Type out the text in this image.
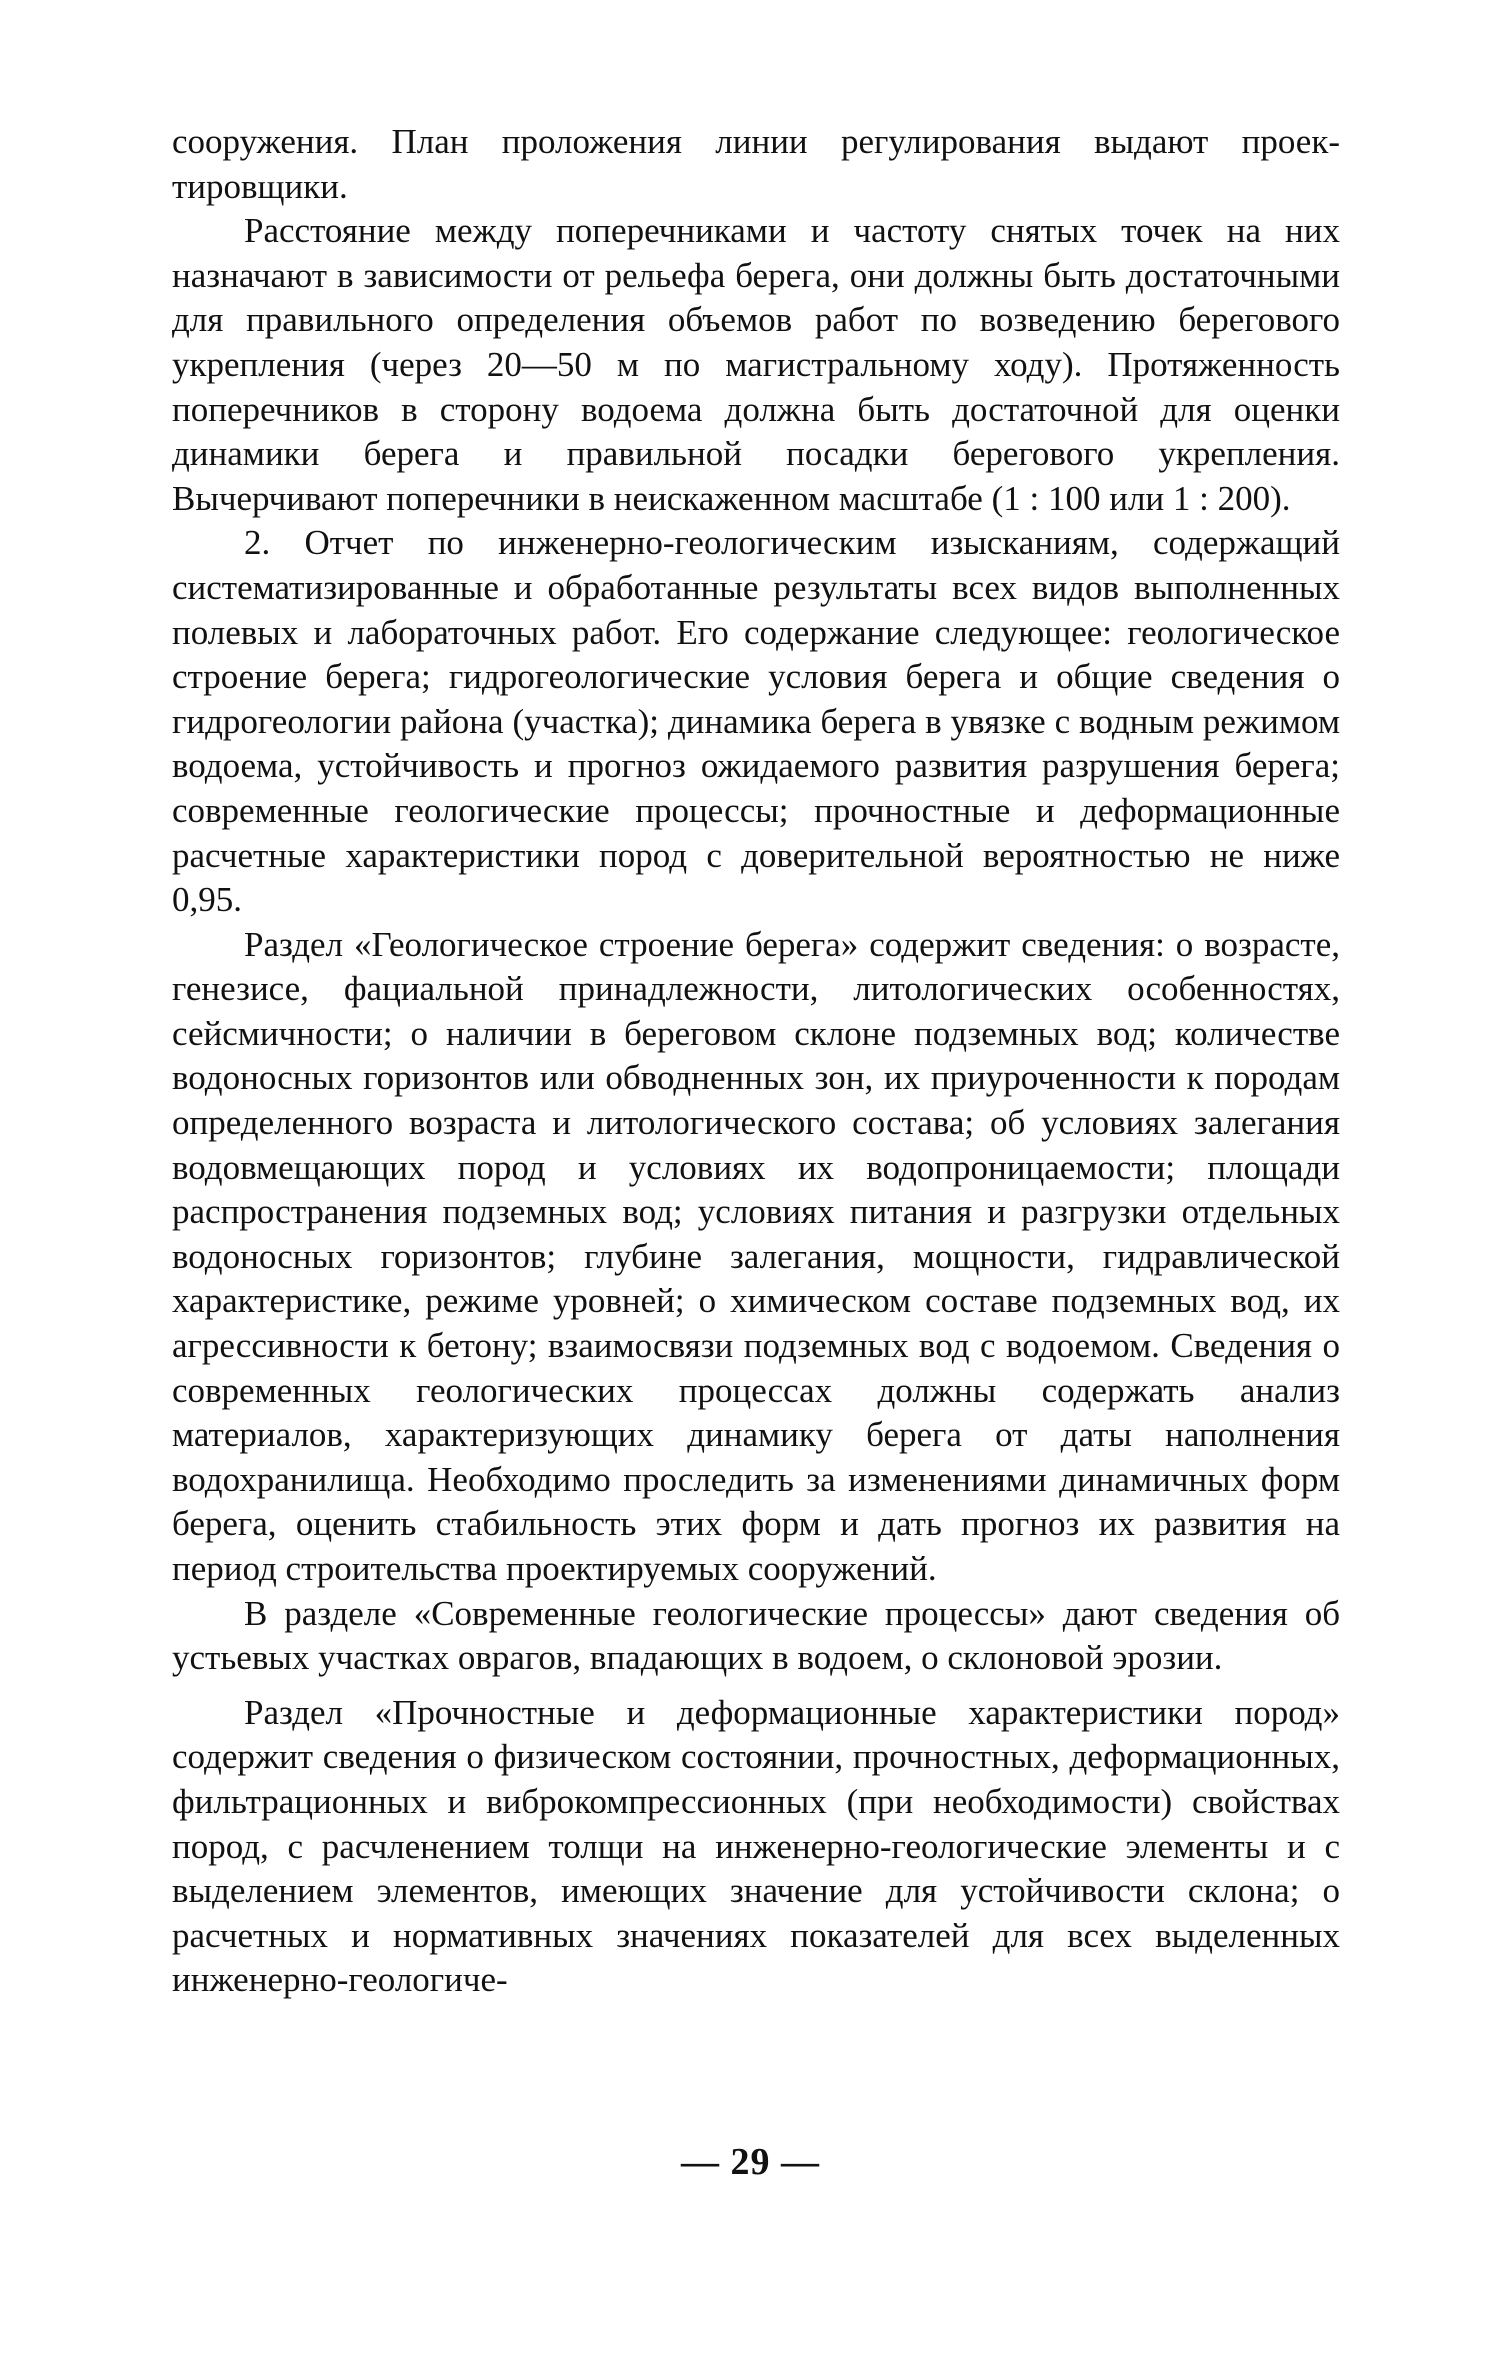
сооружения. План проложения линии регулирования выдают проектировщики.

Расстояние между поперечниками и частоту снятых точек на них назначают в зависимости от рельефа берега, они должны быть достаточными для правильного определения объемов работ по возведению берегового укрепления (через 20—50 м по магистральному ходу). Протяженность поперечников в сторону водоема должна быть достаточной для оценки динамики берега и правильной посадки берегового укрепления. Вычерчивают поперечники в неискаженном масштабе (1 : 100 или 1 : 200).

2. Отчет по инженерно-геологическим изысканиям, содержащий систематизированные и обработанные результаты всех видов выполненных полевых и лабораточных работ. Его содержание следующее: геологическое строение берега; гидрогеологические условия берега и общие сведения о гидрогеологии района (участка); динамика берега в увязке с водным режимом водоема, устойчивость и прогноз ожидаемого развития разрушения берега; современные геологические процессы; прочностные и деформационные расчетные характеристики пород с доверительной вероятностью не ниже 0,95.

Раздел «Геологическое строение берега» содержит сведения: о возрасте, генезисе, фациальной принадлежности, литологических особенностях, сейсмичности; о наличии в береговом склоне подземных вод; количестве водоносных горизонтов или обводненных зон, их приуроченности к породам определенного возраста и литологического состава; об условиях залегания водовмещающих пород и условиях их водопроницаемости; площади распространения подземных вод; условиях питания и разгрузки отдельных водоносных горизонтов; глубине залегания, мощности, гидравлической характеристике, режиме уровней; о химическом составе подземных вод, их агрессивности к бетону; взаимосвязи подземных вод с водоемом. Сведения о современных геологических процессах должны содержать анализ материалов, характеризующих динамику берега от даты наполнения водохранилища. Необходимо проследить за изменениями динамичных форм берега, оценить стабильность этих форм и дать прогноз их развития на период строительства проектируемых сооружений.

В разделе «Современные геологические процессы» дают сведения об устьевых участках оврагов, впадающих в водоем, о склоновой эрозии.

Раздел «Прочностные и деформационные характеристики пород» содержит сведения о физическом состоянии, прочностных, деформационных, фильтрационных и виброкомпрессионных (при необходимости) свойствах пород, с расчленением толщи на инженерно-геологические элементы и с выделением элементов, имеющих значение для устойчивости склона; о расчетных и нормативных значениях показателей для всех выделенных инженерно-геологиче-

— 29 —
